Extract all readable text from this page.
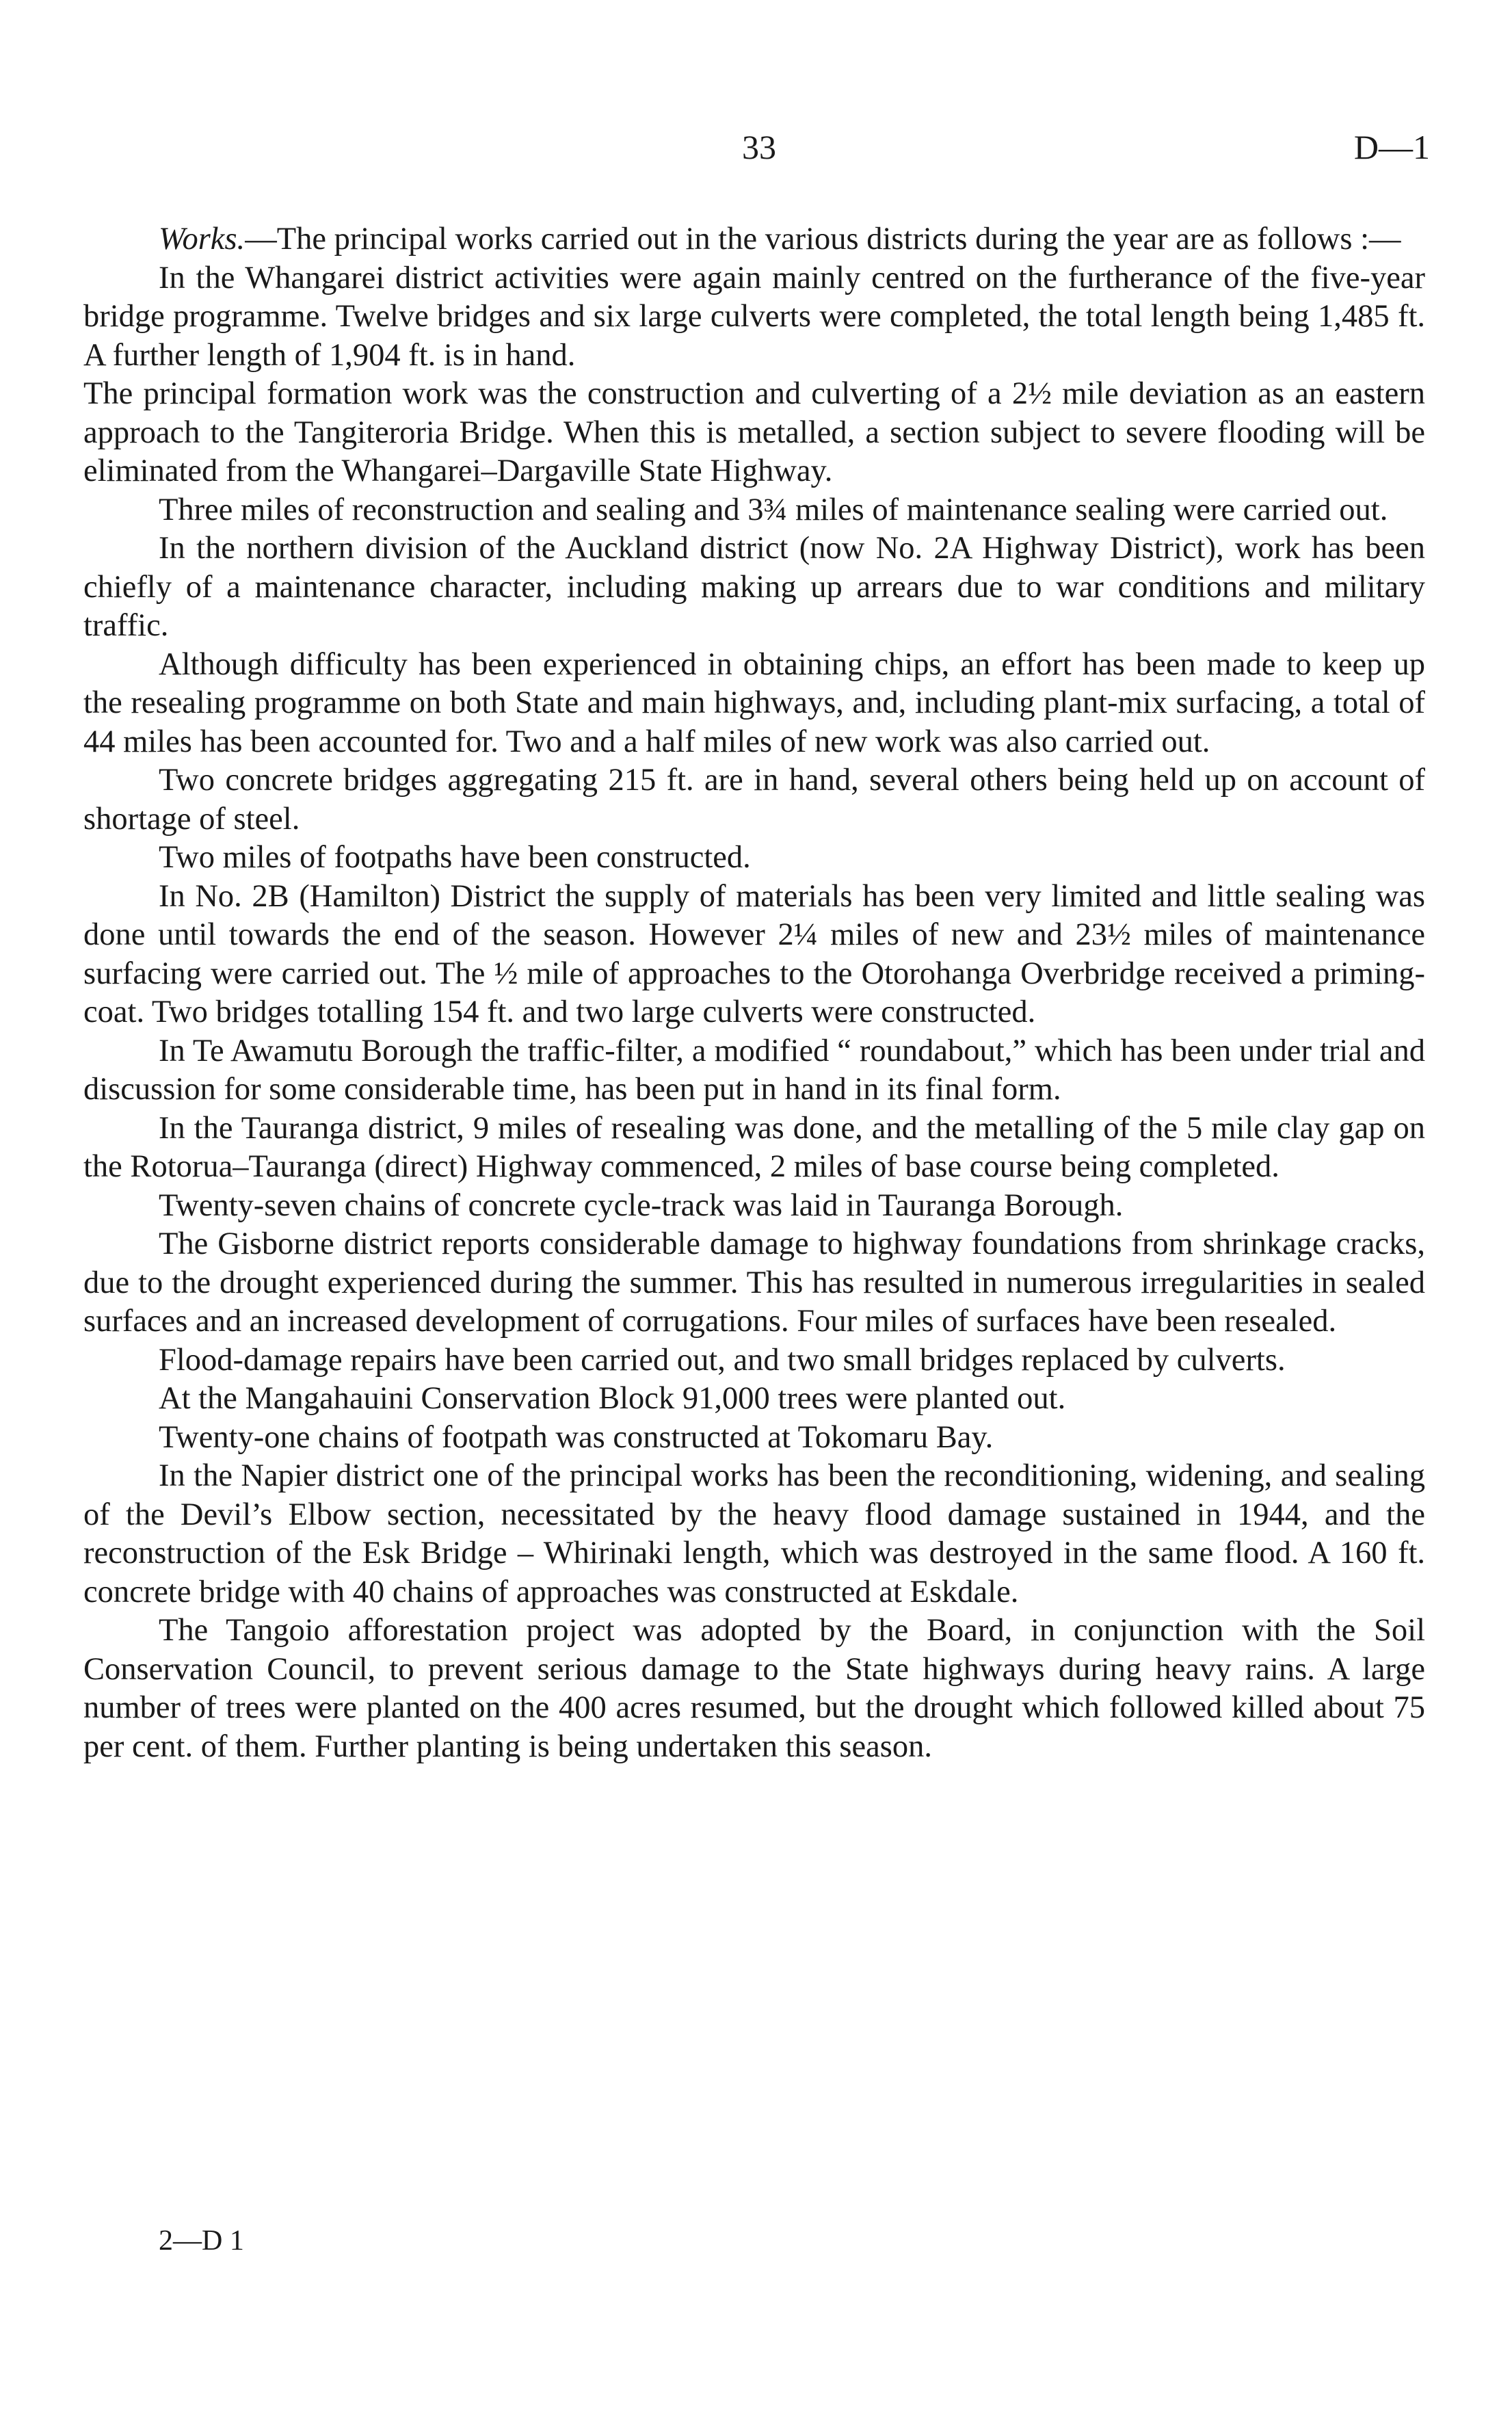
33	D—1

Works.—The principal works carried out in the various districts during the year are as follows :—

In the Whangarei district activities were again mainly centred on the furtherance of the five-year bridge programme. Twelve bridges and six large culverts were completed, the total length being 1,485 ft. A further length of 1,904 ft. is in hand.

The principal formation work was the construction and culverting of a 2½ mile deviation as an eastern approach to the Tangiteroria Bridge. When this is metalled, a section subject to severe flooding will be eliminated from the Whangarei–Dargaville State Highway.

Three miles of reconstruction and sealing and 3¾ miles of maintenance sealing were carried out.

In the northern division of the Auckland district (now No. 2A Highway District), work has been chiefly of a maintenance character, including making up arrears due to war conditions and military traffic.

Although difficulty has been experienced in obtaining chips, an effort has been made to keep up the resealing programme on both State and main highways, and, including plant-mix surfacing, a total of 44 miles has been accounted for. Two and a half miles of new work was also carried out.

Two concrete bridges aggregating 215 ft. are in hand, several others being held up on account of shortage of steel.

Two miles of footpaths have been constructed.

In No. 2B (Hamilton) District the supply of materials has been very limited and little sealing was done until towards the end of the season. However 2¼ miles of new and 23½ miles of maintenance surfacing were carried out. The ½ mile of approaches to the Otorohanga Overbridge received a priming-coat. Two bridges totalling 154 ft. and two large culverts were constructed.

In Te Awamutu Borough the traffic-filter, a modified “ roundabout,” which has been under trial and discussion for some considerable time, has been put in hand in its final form.

In the Tauranga district, 9 miles of resealing was done, and the metalling of the 5 mile clay gap on the Rotorua–Tauranga (direct) Highway commenced, 2 miles of base course being completed.

Twenty-seven chains of concrete cycle-track was laid in Tauranga Borough.

The Gisborne district reports considerable damage to highway foundations from shrinkage cracks, due to the drought experienced during the summer. This has resulted in numerous irregularities in sealed surfaces and an increased development of corrugations. Four miles of surfaces have been resealed.

Flood-damage repairs have been carried out, and two small bridges replaced by culverts.

At the Mangahauini Conservation Block 91,000 trees were planted out.

Twenty-one chains of footpath was constructed at Tokomaru Bay.

In the Napier district one of the principal works has been the reconditioning, widening, and sealing of the Devil’s Elbow section, necessitated by the heavy flood damage sustained in 1944, and the reconstruction of the Esk Bridge – Whirinaki length, which was destroyed in the same flood. A 160 ft. concrete bridge with 40 chains of approaches was constructed at Eskdale.

The Tangoio afforestation project was adopted by the Board, in conjunction with the Soil Conservation Council, to prevent serious damage to the State highways during heavy rains. A large number of trees were planted on the 400 acres resumed, but the drought which followed killed about 75 per cent. of them. Further planting is being undertaken this season.

2—D 1
